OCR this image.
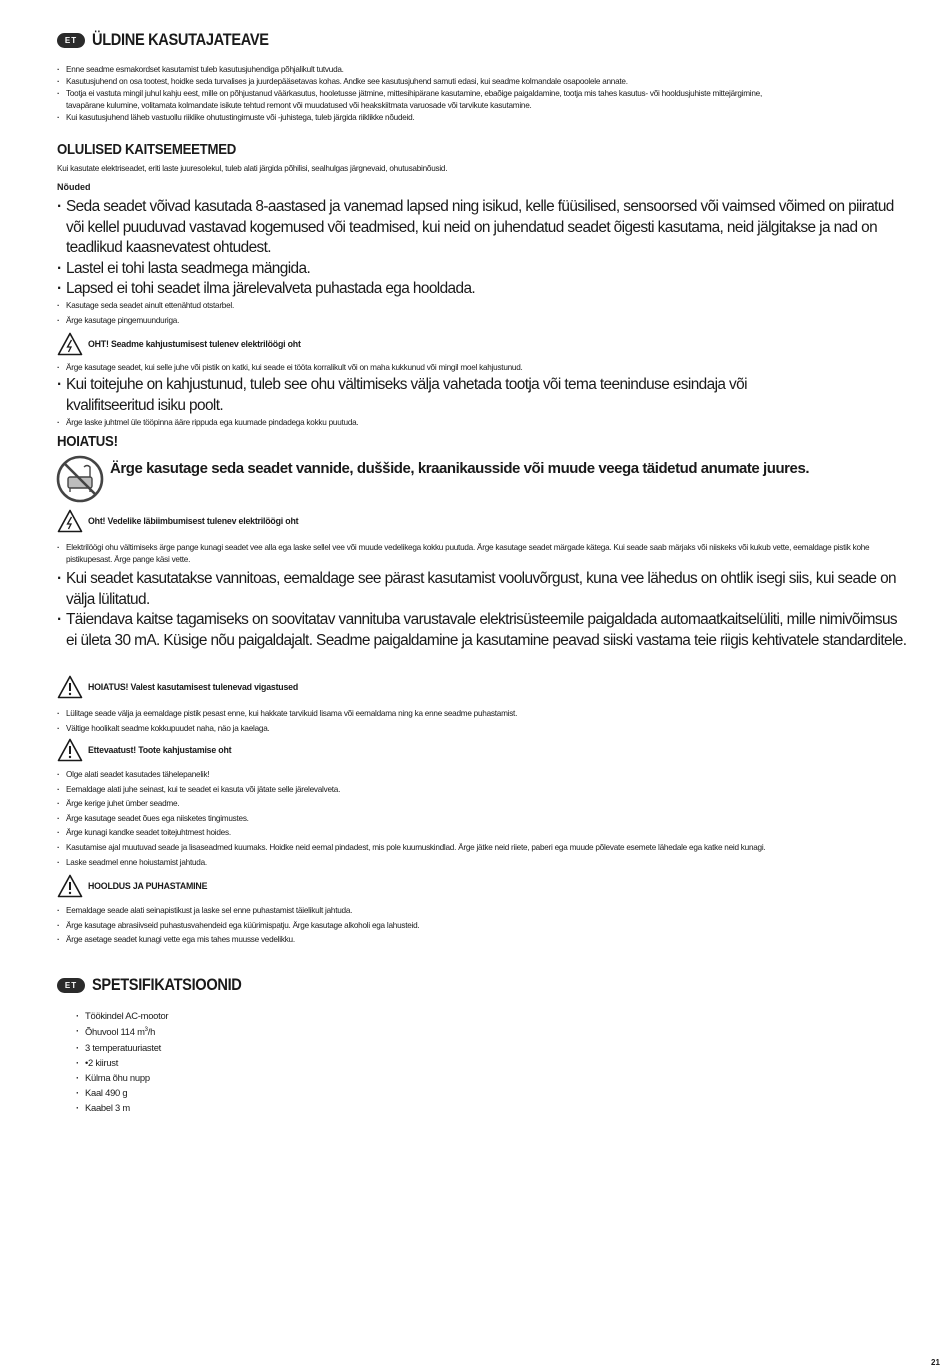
ET ÜLDINE KASUTAJATEAVE
· Enne seadme esmakordset kasutamist tuleb kasutusjuhendiga põhjalikult tutvuda.
· Kasutusjuhend on osa tootest, hoidke seda turvalises ja juurdepääsetavas kohas. Andke see kasutusjuhend samuti edasi, kui seadme kolmandale osapoolele annate.
· Tootja ei vastuta mingil juhul kahju eest, mille on põhjustanud väärkasutus, hooletusse jätmine, mittesihipärane kasutamine, ebaõige paigaldamine, tootja mis tahes kasutus- või hooldusjuhiste mittejärgimine, tavapärane kulumine, volitamata kolmandate isikute tehtud remont või muudatused või heakskiitmata varuosade või tarvikute kasutamine.
· Kui kasutusjuhend läheb vastuollu riiklike ohutustingimuste või -juhistega, tuleb järgida riiklikke nõudeid.
OLULISED KAITSEMEETMED
Kui kasutate elektriseadet, eriti laste juuresolekul, tuleb alati järgida põhilisi, sealhulgas järgnevaid, ohutusabinõusid.
Nõuded
· Seda seadet võivad kasutada 8-aastased ja vanemad lapsed ning isikud, kelle füüsilised, sensoorsed või vaimsed võimed on piiratud või kellel puuduvad vastavad kogemused või teadmised, kui neid on juhendatud seadet õigesti kasutama, neid jälgitakse ja nad on teadlikud kaasnevatest ohtudest.
· Lastel ei tohi lasta seadmega mängida.
· Lapsed ei tohi seadet ilma järelevalveta puhastada ega hooldada.
· Kasutage seda seadet ainult ettenähtud otstarbel.
· Ärge kasutage pingemuunduriga.
OHT! Seadme kahjustumisest tulenev elektrilöögi oht
· Ärge kasutage seadet, kui selle juhe või pistik on katki, kui seade ei tööta korralikult või on maha kukkunud või mingil moel kahjustunud.
· Kui toitejuhe on kahjustunud, tuleb see ohu vältimiseks välja vahetada tootja või tema teeninduse esindaja või kvalifitseeritud isiku poolt.
· Ärge laske juhtmel üle tööpinna ääre rippuda ega kuumade pindadega kokku puutuda.
HOIATUS!
Ärge kasutage seda seadet vannide, duššide, kraanikausside või muude veega täidetud anumate juures.
Oht! Vedelike läbiimbumisest tulenev elektrilöögi oht
· Elektrilöögi ohu vältimiseks ärge pange kunagi seadet vee alla ega laske sellel vee või muude vedelikega kokku puutuda. Ärge kasutage seadet märgade kätega. Kui seade saab märjaks või niiskeks või kukub vette, eemaldage pistik kohe pistikupesast. Ärge pange käsi vette.
· Kui seadet kasutatakse vannitoas, eemaldage see pärast kasutamist vooluvõrgust, kuna vee lähedus on ohtlik isegi siis, kui seade on välja lülitatud.
· Täiendava kaitse tagamiseks on soovitatav vannituba varustavale elektrisüsteemile paigaldada automaatkaitselüliti, mille nimivõimsus ei ületa 30 mA. Küsige nõu paigaldajalt. Seadme paigaldamine ja kasutamine peavad siiski vastama teie riigis kehtivatele standarditele.
HOIATUS! Valest kasutamisest tulenevad vigastused
· Lülitage seade välja ja eemaldage pistik pesast enne, kui hakkate tarvikuid lisama või eemaldama ning ka enne seadme puhastamist.
· Vältige hoolikalt seadme kokkupuudet naha, näo ja kaelaga.
Ettevaatust! Toote kahjustamise oht
· Olge alati seadet kasutades tähelepanelik!
· Eemaldage alati juhe seinast, kui te seadet ei kasuta või jätate selle järelevalveta.
· Ärge kerige juhet ümber seadme.
· Ärge kasutage seadet õues ega niisketes tingimustes.
· Ärge kunagi kandke seadet toitejuhtmest hoides.
· Kasutamise ajal muutuvad seade ja lisaseadmed kuumaks. Hoidke neid eemal pindadest, mis pole kuumuskindlad. Ärge jätke neid riiete, paberi ega muude põlevate esemete lähedale ega katke neid kunagi.
· Laske seadmel enne hoiustamist jahtuda.
HOOLDUS JA PUHASTAMINE
· Eemaldage seade alati seinapistikust ja laske sel enne puhastamist täielikult jahtuda.
· Ärge kasutage abrasiivseid puhastusvahendeid ega küürimispatju. Ärge kasutage alkoholi ega lahusteid.
· Ärge asetage seadet kunagi vette ega mis tahes muusse vedelikku.
ET SPETSIFIKATSIOONID
· Töökindel AC-mootor
· Õhuvool 114 $m^3/h$
· 3 temperatuuriastet
· •2 kiirust
· Külma õhu nupp
· Kaal 490 g
· Kaabel 3 m
21
